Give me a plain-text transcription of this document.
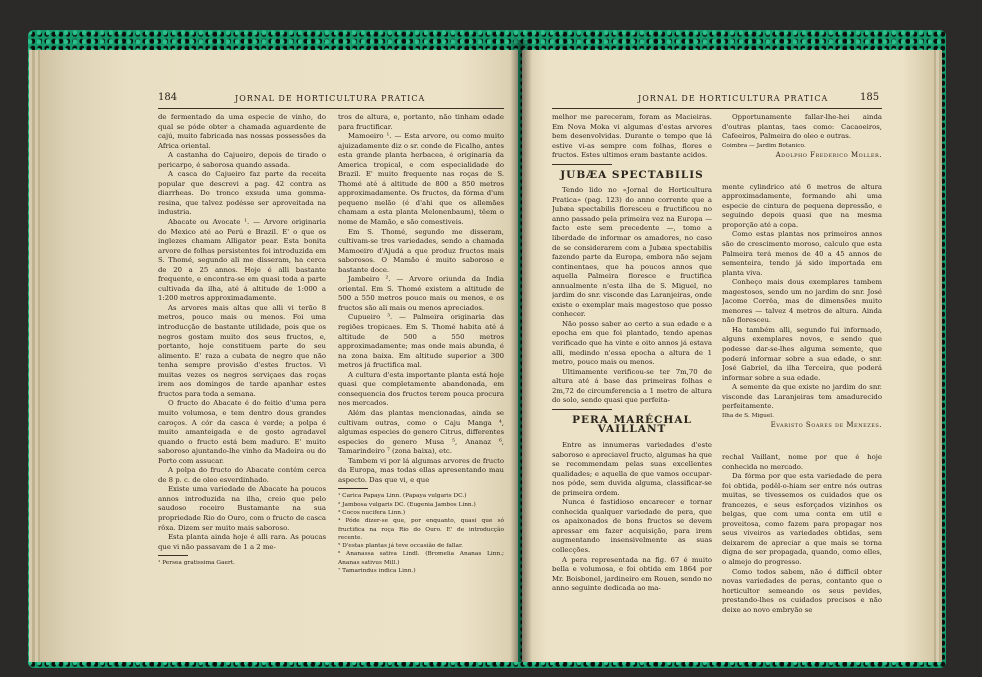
184	JORNAL DE HORTICULTURA PRATICA

de fermentado da uma especie de vinho, do qual se póde obter a chamada aguardente de cajú, muito fabricada nas nossas possessões da Africa oriental.

A castanha do Cajueiro, depois de tirado o pericarpo, é saborosa quando assada.

A casca do Cajueiro faz parte da receita popular que descrevi a pag. 42 contra as diarrheas. Do tronco exsuda uma gomma-resina, que talvez podésse ser aproveitada na industria.

Abacate ou Avocate ¹. — Arvore originaria do Mexico até ao Perú e Brazil. E' o que os inglezes chamam Alligator pear. Esta bonita arvore de folhas persistentes foi introduzida em S. Thomé, segundo ali me disseram, ha cerca de 20 a 25 annos. Hoje é alli bastante frequente, e encontra-se em quasi toda a parte cultivada da ilha, até á altitude de 1:000 a 1:200 metros approximadamente.

As arvores mais altas que alli vi terão 8 metros, pouco mais ou menos. Foi uma introducção de bastante utilidade, pois que os negros gostam muito dos seus fructos, e, portanto, hoje constituem parte do seu alimento. E' raza a cubata de negro que não tenha sempre provisão d'estes fructos. Vi muitas vezes os negros serviçaes das roças irem aos domingos de tarde apanhar estes fructos para toda a semana.

O fructo do Abacate é do feitio d'uma pera muito volumosa, e tem dentro dous grandes caroços. A cór da casca é verde; a polpa é muito amanteigada e de gosto agradavel quando o fructo está bem maduro. E' muito saboroso ajuntando-lhe vinho da Madeira ou do Porto com assucar.

A polpa do fructo do Abacate contém cerca de 8 p. c. de oleo esverdinhado.

Existe uma variedade de Abacate ha poucos annos introduzida na ilha, creio que pelo saudoso roceiro Bustamante na sua propriedade Rio do Ouro, com o fructo de casca rôxa. Dizem ser muito mais saboroso.

Esta planta ainda hoje é alli rara. As poucas que vi não passavam de 1 a 2 me-

¹ Persea gratissima Gaert.

tros de altura, e, portanto, não tinham edade para fructificar.

Mamoeiro ¹. — Esta arvore, ou como muito ajuizadamente diz o sr. conde de Ficalho, antes esta grande planta herbacea, é originaria da America tropical, e com especialidade do Brazil. E' muito frequente nas roças de S. Thomé até á altitude de 800 a 850 metros approximadamente. Os fructos, da fórma d'um pequeno melão (é d'ahi que os allemães chamam a esta planta Melonenbaum), têem o nome de Mamão, e são comestiveis.

Em S. Thomé, segundo me disseram, cultivam-se tres variedades, sendo a chamada Mamoeiro d'Ajudá a que produz fructos mais saborosos. O Mamão é muito saboroso e bastante doce.

Jambeiro ². — Arvore oriunda da India oriental. Em S. Thomé existem a altitude de 500 a 550 metros pouco mais ou menos, e os fructos são ali mais ou menos apreciados.

Cupueiro ³. — Palmeira originaria das regiões tropicaes. Em S. Thomé habita até á altitude de 500 a 550 metros approximadamente; mas onde mais abunda, é na zona baixa. Em altitude superior a 300 metros já fructifica mal.

A cultura d'esta importante planta está hoje quasi que completamente abandonada, em consequencia dos fructos terem pouca procura nos mercados.

Além das plantas mencionadas, ainda se cultivam outras, como o Caju Manga ⁴, algumas especies do genero Citrus, differentes especies do genero Musa ⁵, Ananaz ⁶, Tamarindeiro ⁷ (zona baixa), etc.

Tambem vi por lá algumas arvores de fructo da Europa, mas todas ellas apresentando mau aspecto. Das que vi, e que

¹ Carica Papaya Linn. (Papaya vulgaris DC.)
² Jambosa vulgaris DC. (Eugenia Jambos Linn.)
³ Cocos nucifera Linn.)
⁴ Póde dizer-se que, por enquanto, quasi que só fructifica na roça Rio do Ouro. E' de introducção recente.
⁵ D'estas plantas já teve occasião de fallar.
⁶ Ananassa sativa Lindl. (Bromelia Ananas Linn.; Ananas sativus Mill.)
⁷ Tamarindus indica Linn.)
185
JORNAL DE HORTICULTURA PRATICA

melhor me pareceram, foram as Macieiras. Em Nova Moka vi algumas d'estas arvores bem desenvolvidas. Durante o tempo que lá estive vi-as sempre com folhas, flores e fructos. Estes ultimos eram bastante acidos.

JUBÆA SPECTABILIS

Tendo lido no «Jornal de Horticultura Pratica» (pag. 123) do anno corrente que a Jubæa spectabilis floresceu e fructificou no anno passado pela primeira vez na Europa — facto este sem precedente —, tomo a liberdade de informar os amadores, no caso de se considerarem com a Jubæa spectabilis fazendo parte da Europa, embora não sejam continentaes, que ha poucos annos que aquella Palmeira floresce e fructifica annualmente n'esta ilha de S. Miguel, no jardim do snr. visconde das Laranjeiras, onde existe o exemplar mais magestoso que posso conhecer.

Não posso saber ao certo a sua edade e a epocha em que foi plantado, tendo apenas verificado que ha vinte e oito annos já estava alli, medindo n'essa epocha a altura de 1 metro, pouco mais ou menos.

Ultimamente verificou-se ter 7m,70 de altura até á base das primeiras folhas e 2m,72 de circumferencia a 1 metro de altura do solo, sendo quasi que perfeita-

PERA MARÉCHAL VAILLANT

Entre as innumeras variedades d'este saboroso e apreciavel fructo, algumas ha que se recommendam pelas suas excellentes qualidades; e aquella de que vamos occupar-nos póde, sem duvida alguma, classificar-se de primeira ordem.

Nunca é fastidioso encarecer e tornar conhecida qualquer variedade de pera, que os apaixonados de bons fructos se devem apressar em fazer acquisição, para irem augmentando insensivelmente as suas collecções.

A pera representada na fig. 67 é muito bella e volumosa, e foi obtida em 1864 por Mr. Boisbonel, jardineiro em Rouen, sendo no anno seguinte dedicada ao ma-

Opportunamente fallar-lhe-hei ainda d'outras plantas, taes como: Cacaoeiros, Cafeeiros, Palmeira do oleo e outras.

Coimbra — Jardim Botanico.
Adolpho Frederico Moller.

mente cylindrico até 6 metros de altura approximadamente, formando ahi uma especie de cintura de pequena depressão, e seguindo depois quasi que na mesma proporção até a copa.

Como estas plantas nos primeiros annos são de crescimento moroso, calculo que esta Palmeira terá menos de 40 a 45 annos de sementeira, tendo já sido importada em planta viva.

Conheço mais dous exemplares tambem magestosos, sendo um no jardim do snr. José Jacome Corrêa, mas de dimensões muito menores — talvez 4 metros de altura. Ainda não floresceu.

Ha também alli, segundo fui informado, alguns exemplares novos, e sendo que podesse dar-se-lhes alguma semente, que poderá informar sobre a sua edade, o snr. José Gabriel, da ilha Terceira, que poderá informar sobre a sua edade.

A semente da que existe no jardim do snr. visconde das Laranjeiras tem amadurecido perfeitamente.

Ilha de S. Miguel.
Evaristo Soares de Menezes.

rechal Vaillant, nome por que é hoje conhecida no mercado.

Da fórma por que esta variedade de pera foi obtida, podêl-o-hiam ser entre nós outras muitas, se tivessemos os cuidados que os francezes, e seus esforçados vizinhos os belgas, que com uma conta em util e proveitosa, como fazem para propagar nos seus viveiros as variedades obtidas, sem deixarem de apreciar a que mais se torna digna de ser propagada, quando, como elles, o almejo do progresso.

Como todos sabem, não é difficil obter novas variedades de peras, contanto que o horticultor semeando os seus pevides, prestando-lhes os cuidados precisos e não deixe ao novo embryão se
